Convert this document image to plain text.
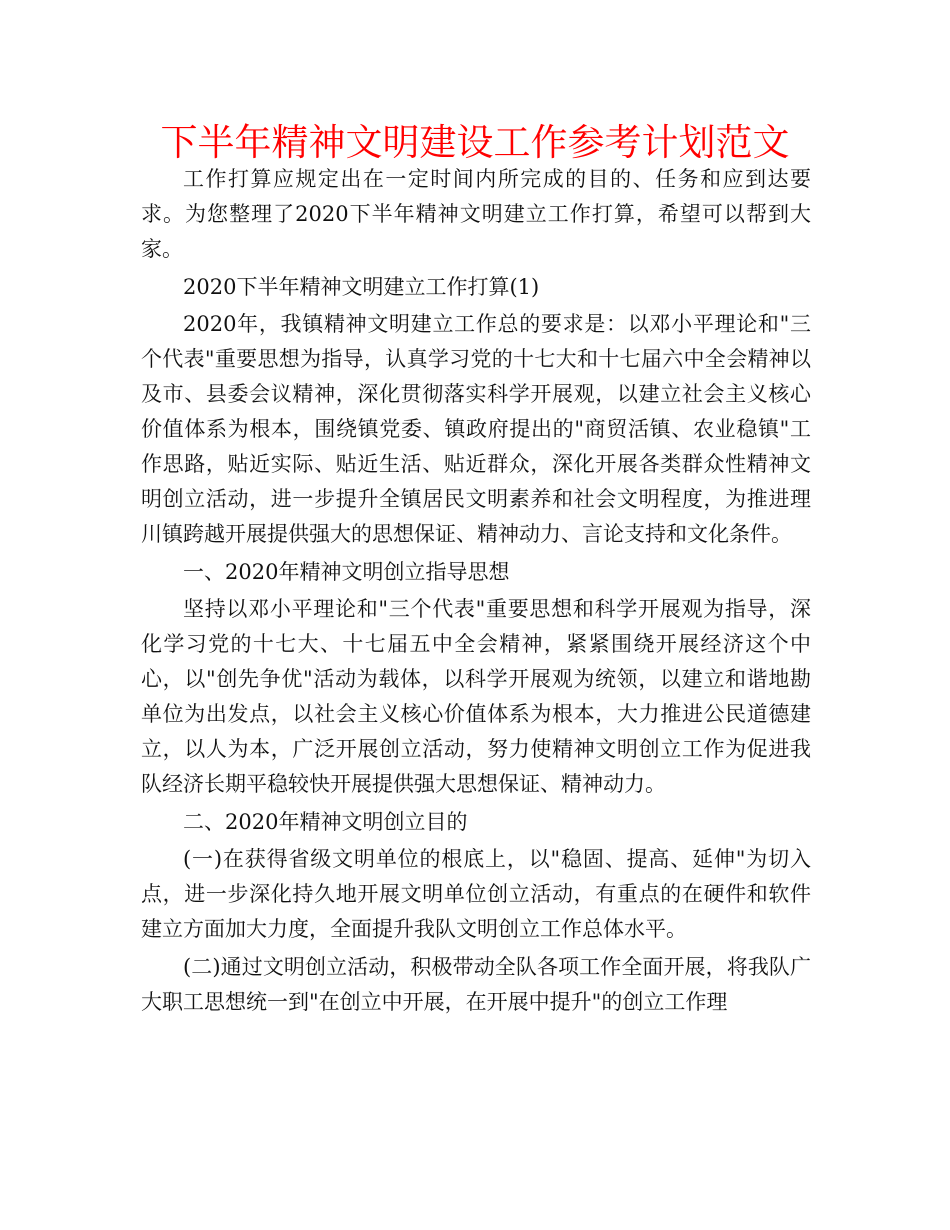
下半年精神文明建设工作参考计划范文

工作打算应规定出在一定时间内所完成的目的、任务和应到达要求。为您整理了2020下半年精神文明建立工作打算，希望可以帮到大家。

2020下半年精神文明建立工作打算(1)

2020年，我镇精神文明建立工作总的要求是：以邓小平理论和"三个代表"重要思想为指导，认真学习党的十七大和十七届六中全会精神以及市、县委会议精神，深化贯彻落实科学开展观，以建立社会主义核心价值体系为根本，围绕镇党委、镇政府提出的"商贸活镇、农业稳镇"工作思路，贴近实际、贴近生活、贴近群众，深化开展各类群众性精神文明创立活动，进一步提升全镇居民文明素养和社会文明程度，为推进理川镇跨越开展提供强大的思想保证、精神动力、言论支持和文化条件。

一、2020年精神文明创立指导思想

坚持以邓小平理论和"三个代表"重要思想和科学开展观为指导，深化学习党的十七大、十七届五中全会精神，紧紧围绕开展经济这个中心，以"创先争优"活动为载体，以科学开展观为统领，以建立和谐地勘单位为出发点，以社会主义核心价值体系为根本，大力推进公民道德建立，以人为本，广泛开展创立活动，努力使精神文明创立工作为促进我队经济长期平稳较快开展提供强大思想保证、精神动力。

二、2020年精神文明创立目的

(一)在获得省级文明单位的根底上，以"稳固、提高、延伸"为切入点，进一步深化持久地开展文明单位创立活动，有重点的在硬件和软件建立方面加大力度，全面提升我队文明创立工作总体水平。

(二)通过文明创立活动，积极带动全队各项工作全面开展，将我队广大职工思想统一到"在创立中开展，在开展中提升"的创立工作理
